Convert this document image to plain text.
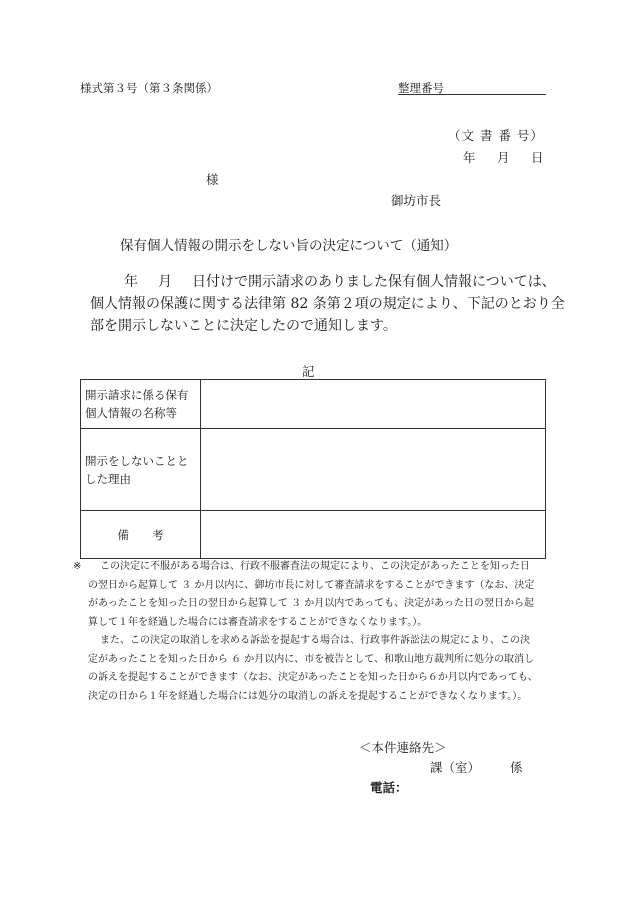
様式第３号（第３条関係）	整理番号
（文 書 番 号）
年 月 日
様
御坊市長
保有個人情報の開示をしない旨の決定について（通知）

年 月 日付けで開示請求のありました保有個人情報については、

個人情報の保護に関する法律第 82 条第２項の規定により、下記のとおり全

部を開示しないことに決定したので通知します。

記
開示請求に係る保有
個人情報の名称等	

開示をしないことと
した理由	

備　　考	
※	この決定に不服がある場合は、行政不服審査法の規定により、この決定があったことを知った日

の翌日から起算して ３ か月以内に、御坊市長に対して審査請求をすることができます（なお、決定

があったことを知った日の翌日から起算して ３ か月以内であっても、決定があった日の翌日から起

算して１年を経過した場合には審査請求をすることができなくなります。）。

また、この決定の取消しを求める訴訟を提起する場合は、行政事件訴訟法の規定により、この決

定があったことを知った日から ６ か月以内に、市を被告として、和歌山地方裁判所に処分の取消し

の訴えを提起することができます（なお、決定があったことを知った日から６か月以内であっても、

決定の日から１年を経過した場合には処分の取消しの訴えを提起することができなくなります。）。

＜本件連絡先＞
課（室） 係
電話：
